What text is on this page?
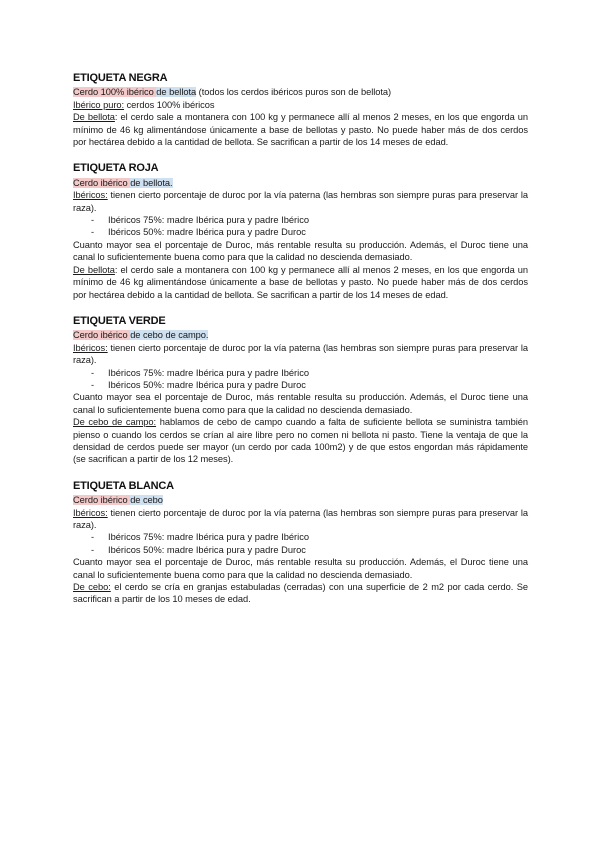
ETIQUETA NEGRA

Cerdo 100% ibérico de bellota (todos los cerdos ibéricos puros son de bellota)

Ibérico puro: cerdos 100% ibéricos

De bellota: el cerdo sale a montanera con 100 kg y permanece allí al menos 2 meses, en los que engorda un mínimo de 46 kg alimentándose únicamente a base de bellotas y pasto. No puede haber más de dos cerdos por hectárea debido a la cantidad de bellota. Se sacrifican a partir de los 14 meses de edad.

ETIQUETA ROJA

Cerdo ibérico de bellota.

Ibéricos: tienen cierto porcentaje de duroc por la vía paterna (las hembras son siempre puras para preservar la raza).

- Ibéricos 75%: madre Ibérica pura y padre Ibérico
- Ibéricos 50%: madre Ibérica pura y padre Duroc

Cuanto mayor sea el porcentaje de Duroc, más rentable resulta su producción. Además, el Duroc tiene una canal lo suficientemente buena como para que la calidad no descienda demasiado.

De bellota: el cerdo sale a montanera con 100 kg y permanece allí al menos 2 meses, en los que engorda un mínimo de 46 kg alimentándose únicamente a base de bellotas y pasto. No puede haber más de dos cerdos por hectárea debido a la cantidad de bellota. Se sacrifican a partir de los 14 meses de edad.

ETIQUETA VERDE

Cerdo ibérico de cebo de campo.

Ibéricos: tienen cierto porcentaje de duroc por la vía paterna (las hembras son siempre puras para preservar la raza).

- Ibéricos 75%: madre Ibérica pura y padre Ibérico
- Ibéricos 50%: madre Ibérica pura y padre Duroc

Cuanto mayor sea el porcentaje de Duroc, más rentable resulta su producción. Además, el Duroc tiene una canal lo suficientemente buena como para que la calidad no descienda demasiado.

De cebo de campo: hablamos de cebo de campo cuando a falta de suficiente bellota se suministra también pienso o cuando los cerdos se crían al aire libre pero no comen ni bellota ni pasto. Tiene la ventaja de que la densidad de cerdos puede ser mayor (un cerdo por cada 100m2) y de que estos engordan más rápidamente (se sacrifican a partir de los 12 meses).

ETIQUETA BLANCA

Cerdo ibérico de cebo

Ibéricos: tienen cierto porcentaje de duroc por la vía paterna (las hembras son siempre puras para preservar la raza).

- Ibéricos 75%: madre Ibérica pura y padre Ibérico
- Ibéricos 50%: madre Ibérica pura y padre Duroc

Cuanto mayor sea el porcentaje de Duroc, más rentable resulta su producción. Además, el Duroc tiene una canal lo suficientemente buena como para que la calidad no descienda demasiado.

De cebo: el cerdo se cría en granjas estabuladas (cerradas) con una superficie de 2 m2 por cada cerdo. Se sacrifican a partir de los 10 meses de edad.
